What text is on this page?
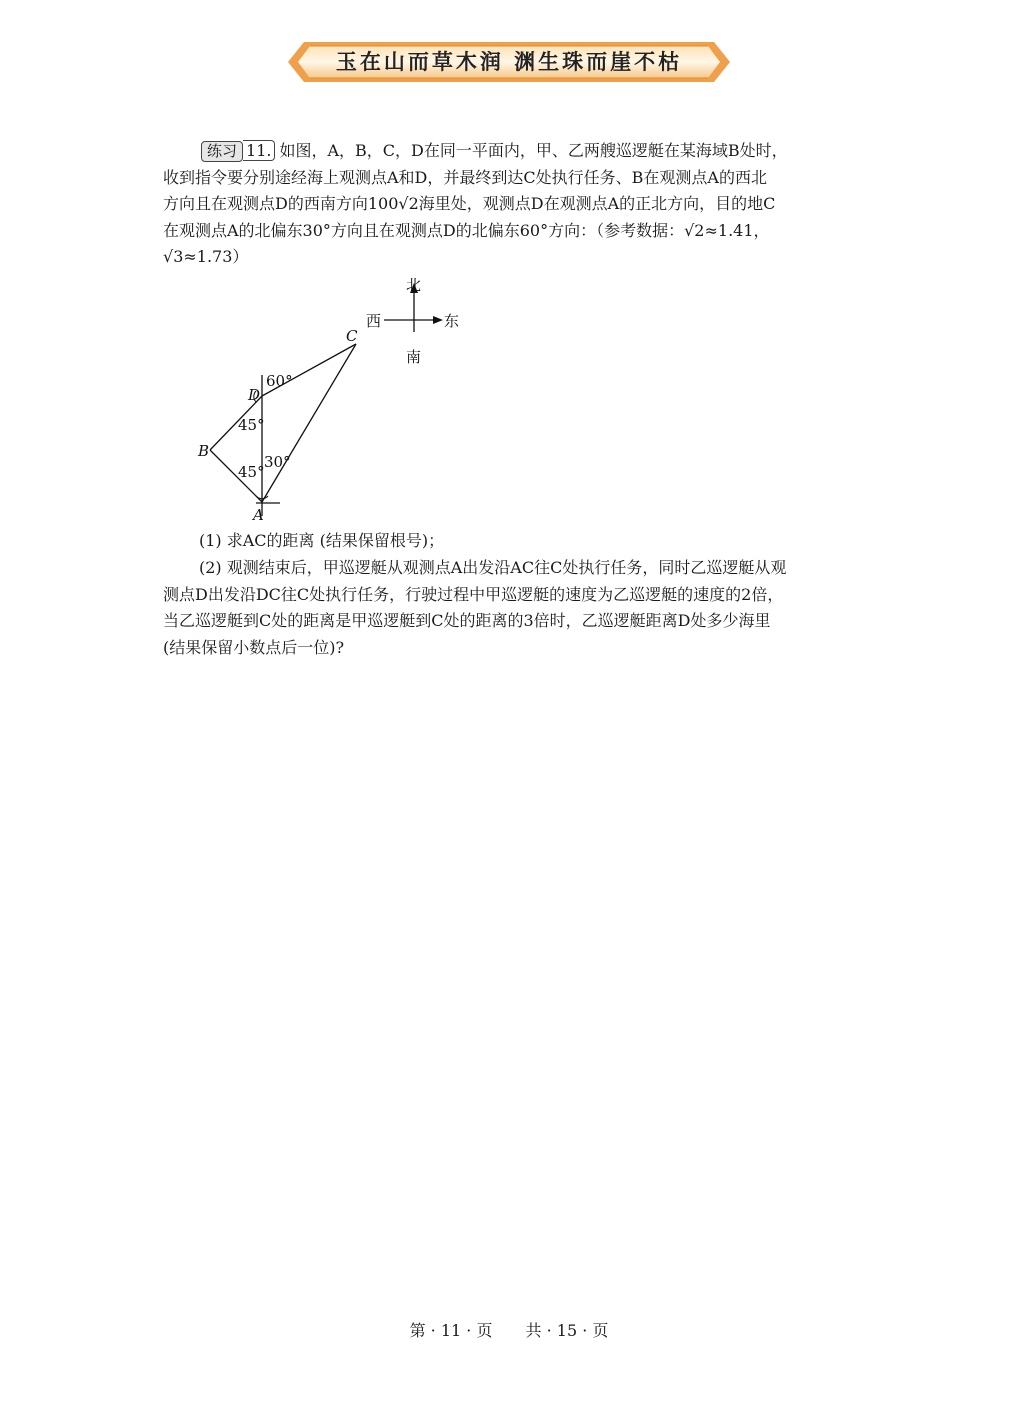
玉在山而草木润 渊生珠而崖不枯

练习 11. 如图，A，B，C，D在同一平面内，甲、乙两艘巡逻艇在某海域B处时，

收到指令要分别途经海上观测点A和D，并最终到达C处执行任务、B在观测点A的西北

方向且在观测点D的西南方向100√2海里处，观测点D在观测点A的正北方向，目的地C

在观测点A的北偏东30°方向且在观测点D的北偏东60°方向：（参考数据：√2≈1.41，

√3≈1.73）

北
南
西	东
A
B
C
D
60°
45°
45°
30°

(1) 求AC的距离 (结果保留根号)；

(2) 观测结束后，甲巡逻艇从观测点A出发沿AC往C处执行任务，同时乙巡逻艇从观

测点D出发沿DC往C处执行任务，行驶过程中甲巡逻艇的速度为乙巡逻艇的速度的2倍，

当乙巡逻艇到C处的距离是甲巡逻艇到C处的距离的3倍时，乙巡逻艇距离D处多少海里

(结果保留小数点后一位)?

第 · 11 · 页 共 · 15 · 页
